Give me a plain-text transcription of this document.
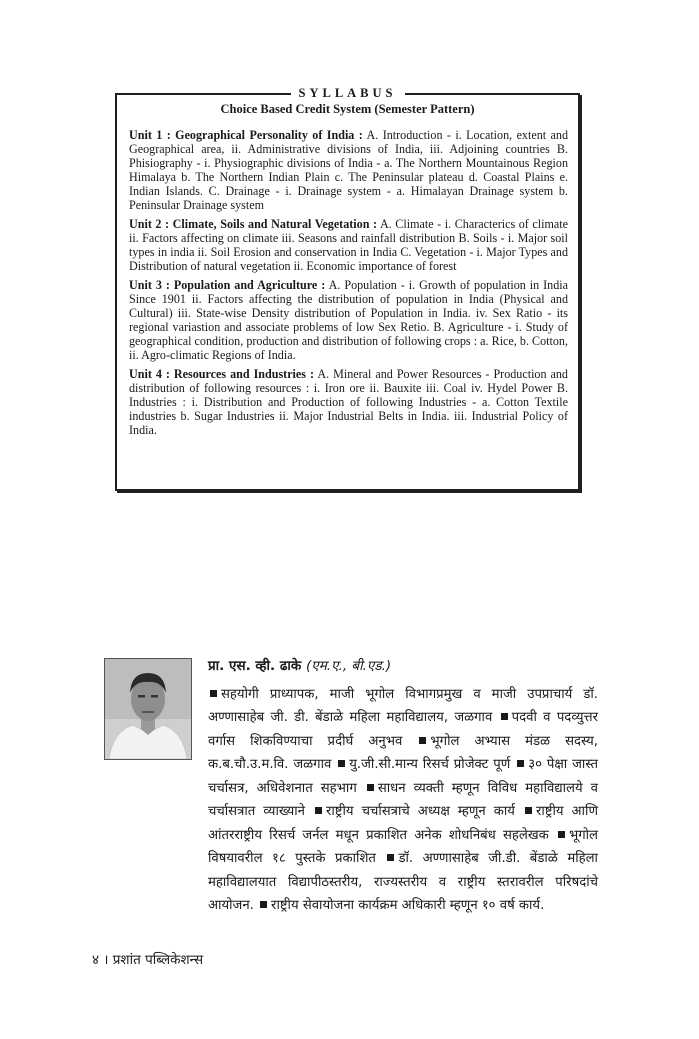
SYLLABUS
Choice Based Credit System (Semester Pattern)

Unit 1 : Geographical Personality of India : A. Introduction - i. Location, extent and Geographical area, ii. Administrative divisions of India, iii. Adjoining countries B. Phisiography - i. Physiographic divisions of India - a. The Northern Mountainous Region Himalaya b. The Northern Indian Plain c. The Peninsular plateau d. Coastal Plains e. Indian Islands. C. Drainage - i. Drainage system - a. Himalayan Drainage system b. Peninsular Drainage system

Unit 2 : Climate, Soils and Natural Vegetation : A. Climate - i. Characterics of climate ii. Factors affecting on climate iii. Seasons and rainfall distribution B. Soils - i. Major soil types in india ii. Soil Erosion and conservation in India C. Vegetation - i. Major Types and Distribution of natural vegetation ii. Economic importance of forest

Unit 3 : Population and Agriculture : A. Population - i. Growth of population in India Since 1901 ii. Factors affecting the distribution of population in India (Physical and Cultural) iii. State-wise Density distribution of Population in India. iv. Sex Ratio - its regional variastion and associate problems of low Sex Retio. B. Agriculture - i. Study of geographical condition, production and distribution of following crops : a. Rice, b. Cotton, ii. Agro-climatic Regions of India.

Unit 4 : Resources and Industries : A. Mineral and Power Resources - Production and distribution of following resources : i. Iron ore ii. Bauxite iii. Coal iv. Hydel Power B. Industries : i. Distribution and Production of following Industries - a. Cotton Textile industries b. Sugar Industries ii. Major Industrial Belts in India. iii. Industrial Policy of India.

प्रा. एस. व्ही. ढाके (एम.ए., बी.एड.)
सहयोगी प्राध्यापक, माजी भूगोल विभागप्रमुख व माजी उपप्राचार्य डॉ. अण्णासाहेब जी. डी. बेंडाळे महिला महाविद्यालय, जळगाव पदवी व पदव्युत्तर वर्गास शिकविण्याचा प्रदीर्घ अनुभव भूगोल अभ्यास मंडळ सदस्य, क.ब.चौ.उ.म.वि. जळगाव यु.जी.सी.मान्य रिसर्च प्रोजेक्ट पूर्ण ३० पेक्षा जास्त चर्चासत्र, अधिवेशनात सहभाग साधन व्यक्ती म्हणून विविध महाविद्यालये व चर्चासत्रात व्याख्याने राष्ट्रीय चर्चासत्राचे अध्यक्ष म्हणून कार्य राष्ट्रीय आणि आंतरराष्ट्रीय रिसर्च जर्नल मधून प्रकाशित अनेक शोधनिबंध सहलेखक भूगोल विषयावरील १८ पुस्तके प्रकाशित डॉ. अण्णासाहेब जी.डी. बेंडाळे महिला महाविद्यालयात विद्यापीठस्तरीय, राज्यस्तरीय व राष्ट्रीय स्तरावरील परिषदांचे आयोजन. राष्ट्रीय सेवायोजना कार्यक्रम अधिकारी म्हणून १० वर्ष कार्य.
४ । प्रशांत पब्लिकेशन्स
